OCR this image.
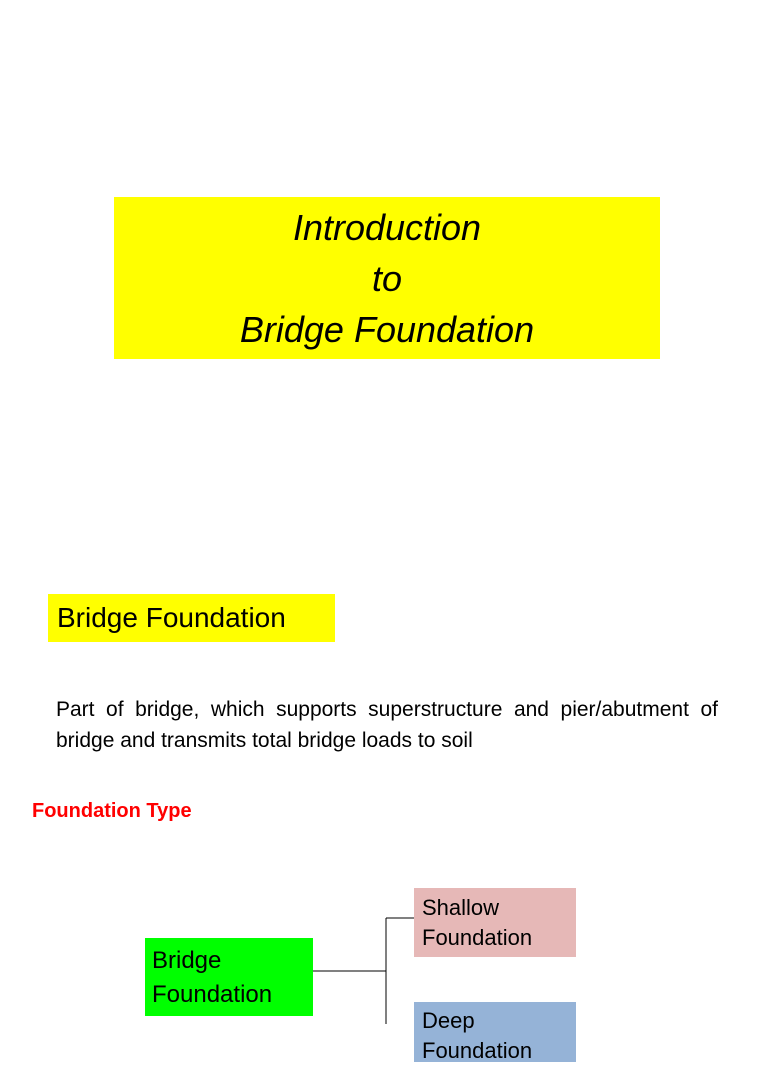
Introduction
to
Bridge Foundation
Bridge Foundation
Part of bridge, which supports superstructure and pier/abutment of bridge and transmits total bridge loads to soil
Foundation Type
Bridge
Foundation
Shallow
Foundation
Deep
Foundation
